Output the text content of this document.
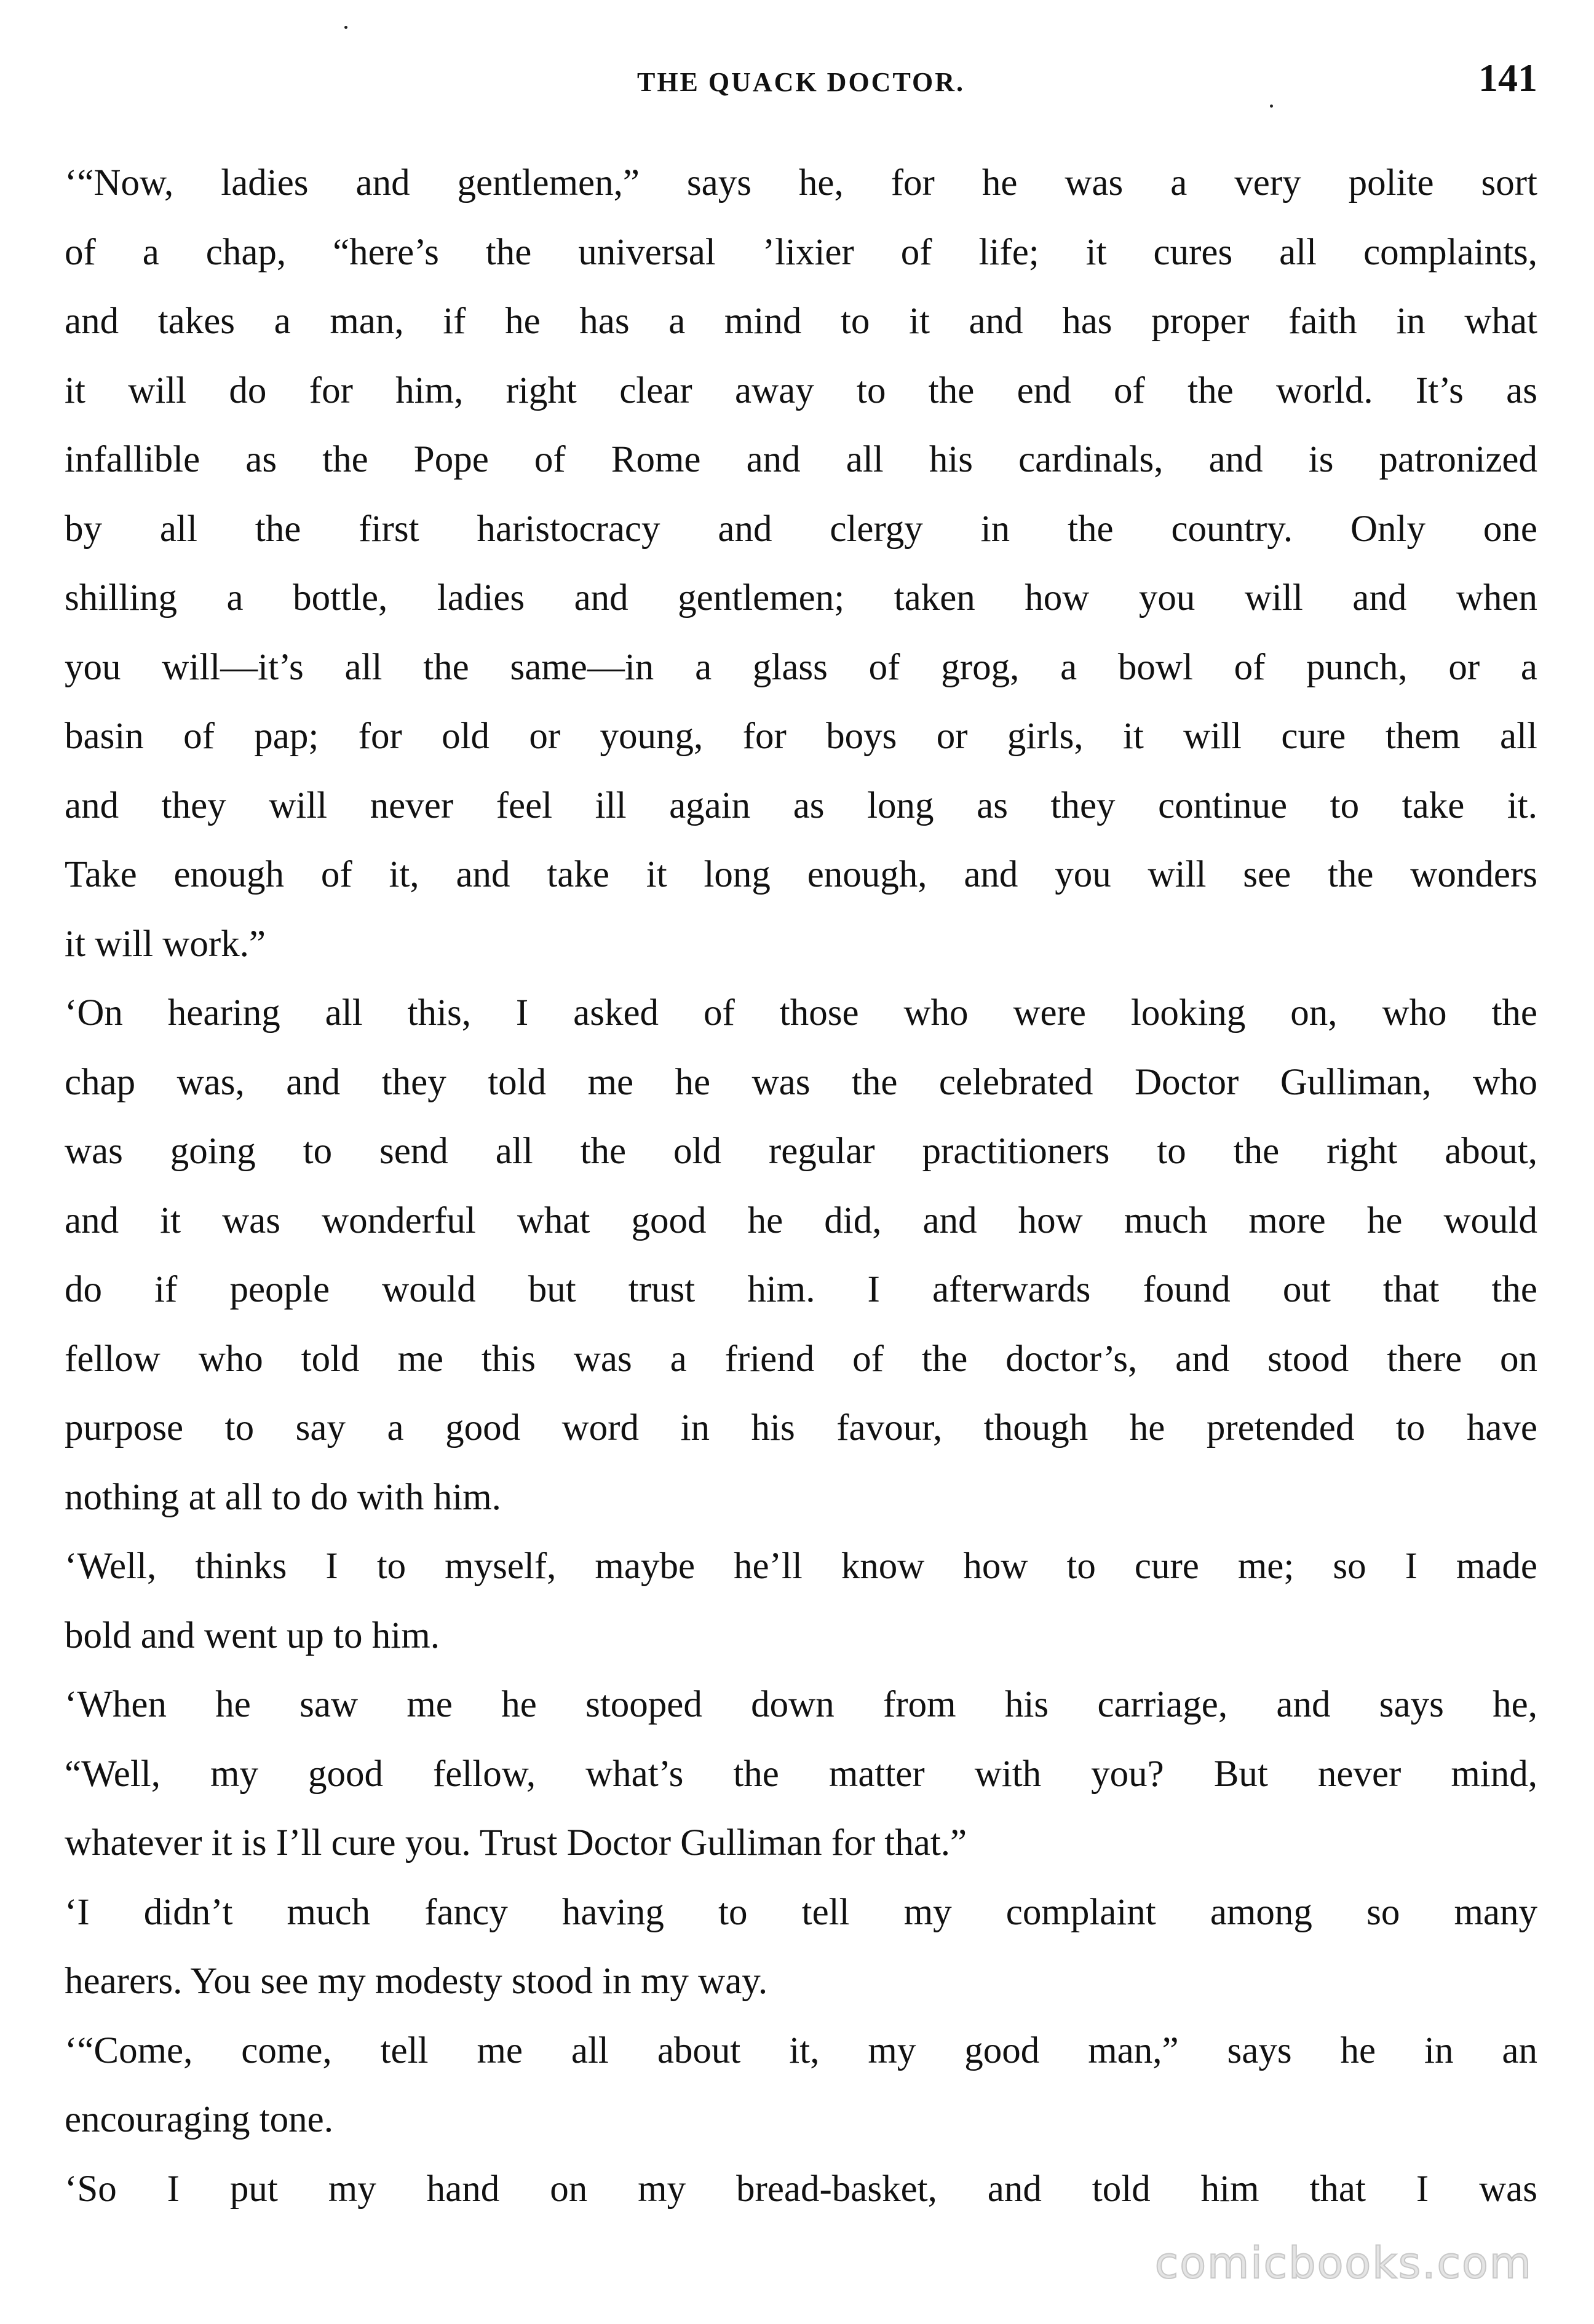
THE QUACK DOCTOR.	141
‘“Now, ladies and gentlemen,” says he, for he was a very polite sort
of a chap, “here’s the universal ’lixier of life; it cures all complaints,
and takes a man, if he has a mind to it and has proper faith in what
it will do for him, right clear away to the end of the world. It’s as
infallible as the Pope of Rome and all his cardinals, and is patronized
by all the first haristocracy and clergy in the country. Only one
shilling a bottle, ladies and gentlemen; taken how you will and when
you will—it’s all the same—in a glass of grog, a bowl of punch, or a
basin of pap; for old or young, for boys or girls, it will cure them all
and they will never feel ill again as long as they continue to take it.
Take enough of it, and take it long enough, and you will see the wonders
it will work.”
‘On hearing all this, I asked of those who were looking on, who the
chap was, and they told me he was the celebrated Doctor Gulliman, who
was going to send all the old regular practitioners to the right about,
and it was wonderful what good he did, and how much more he would
do if people would but trust him. I afterwards found out that the
fellow who told me this was a friend of the doctor’s, and stood there on
purpose to say a good word in his favour, though he pretended to have
nothing at all to do with him.
‘Well, thinks I to myself, maybe he’ll know how to cure me; so I made
bold and went up to him.
‘When he saw me he stooped down from his carriage, and says he,
“Well, my good fellow, what’s the matter with you? But never mind,
whatever it is I’ll cure you. Trust Doctor Gulliman for that.”
‘I didn’t much fancy having to tell my complaint among so many
hearers. You see my modesty stood in my way.
‘“Come, come, tell me all about it, my good man,” says he in an
encouraging tone.
‘So I put my hand on my bread-basket, and told him that I was
comicbooks.com
